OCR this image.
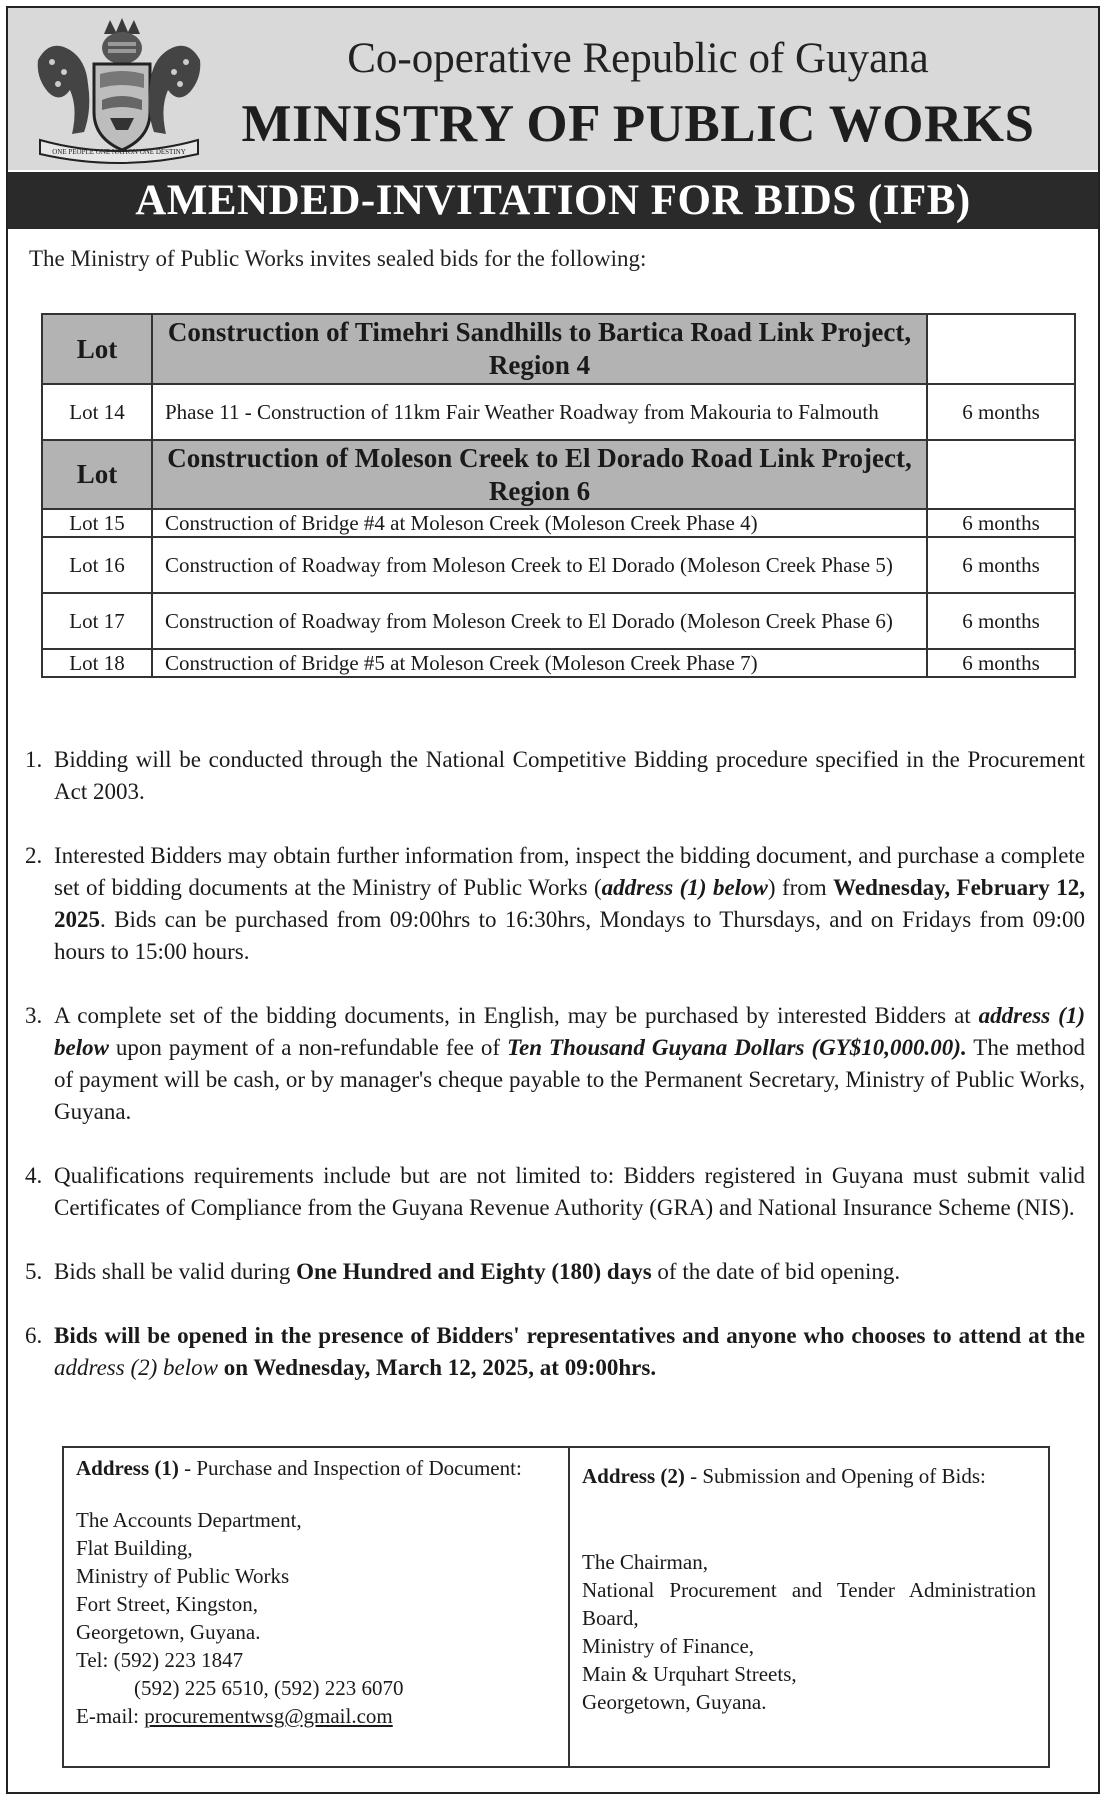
ONE PEOPLE ONE NATION ONE DESTINY
Co-operative Republic of Guyana
MINISTRY OF PUBLIC WORKS
AMENDED-INVITATION FOR BIDS (IFB)
The Ministry of Public Works invites sealed bids for the following:
Lot	Construction of Timehri Sandhills to Bartica Road Link Project, Region 4	
Lot 14	Phase 11 - Construction of 11km Fair Weather Roadway from Makouria to Falmouth	6 months
Lot	Construction of Moleson Creek to El Dorado Road Link Project, Region 6	
Lot 15	Construction of Bridge #4 at Moleson Creek (Moleson Creek Phase 4)	6 months
Lot 16	Construction of Roadway from Moleson Creek to El Dorado (Moleson Creek Phase 5)	6 months
Lot 17	Construction of Roadway from Moleson Creek to El Dorado (Moleson Creek Phase 6)	6 months
Lot 18	Construction of Bridge #5 at Moleson Creek (Moleson Creek Phase 7)	6 months
1. Bidding will be conducted through the National Competitive Bidding procedure specified in the Procurement Act 2003.
2. Interested Bidders may obtain further information from, inspect the bidding document, and purchase a complete set of bidding documents at the Ministry of Public Works (address (1) below) from Wednesday, February 12, 2025. Bids can be purchased from 09:00hrs to 16:30hrs, Mondays to Thursdays, and on Fridays from 09:00 hours to 15:00 hours.
3. A complete set of the bidding documents, in English, may be purchased by interested Bidders at address (1) below upon payment of a non-refundable fee of Ten Thousand Guyana Dollars (GY$10,000.00). The method of payment will be cash, or by manager's cheque payable to the Permanent Secretary, Ministry of Public Works, Guyana.
4. Qualifications requirements include but are not limited to: Bidders registered in Guyana must submit valid Certificates of Compliance from the Guyana Revenue Authority (GRA) and National Insurance Scheme (NIS).
5. Bids shall be valid during One Hundred and Eighty (180) days of the date of bid opening.
6. Bids will be opened in the presence of Bidders' representatives and anyone who chooses to attend at the address (2) below on Wednesday, March 12, 2025, at 09:00hrs.
Address (1) - Purchase and Inspection of Document:
The Accounts Department,
Flat Building,
Ministry of Public Works
Fort Street, Kingston,
Georgetown, Guyana.
Tel: (592) 223 1847
(592) 225 6510, (592) 223 6070
E-mail: procurementwsg@gmail.com

Address (2) - Submission and Opening of Bids:
The Chairman,
National Procurement and Tender Administration Board,
Ministry of Finance,
Main & Urquhart Streets,
Georgetown, Guyana.
